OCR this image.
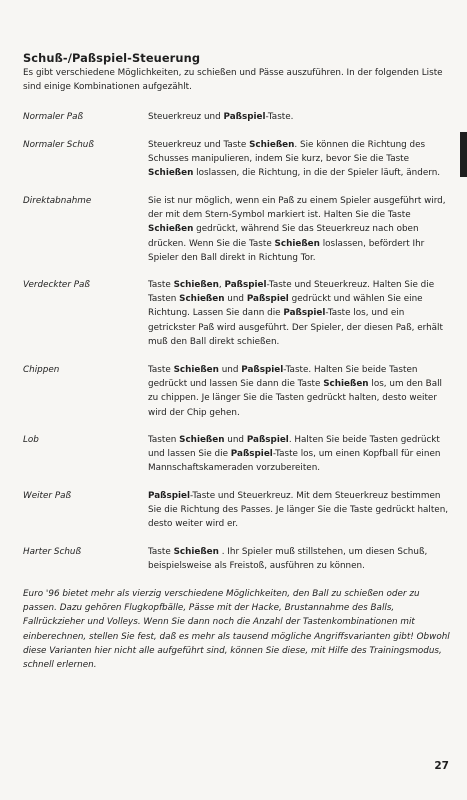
Schuß-/Paßspiel-Steuerung
Es gibt verschiedene Möglichkeiten, zu schießen und Pässe auszuführen. In der folgenden Liste sind einige Kombinationen aufgezählt.
Normaler Paß	Steuerkreuz und Paßspiel-Taste.
Normaler Schuß	Steuerkreuz und Taste Schießen. Sie können die Richtung des Schusses manipulieren, indem Sie kurz, bevor Sie die Taste Schießen loslassen, die Richtung, in die der Spieler läuft, ändern.
Direktabnahme	Sie ist nur möglich, wenn ein Paß zu einem Spieler ausgeführt wird, der mit dem Stern-Symbol markiert ist. Halten Sie die Taste Schießen gedrückt, während Sie das Steuerkreuz nach oben drücken. Wenn Sie die Taste Schießen loslassen, befördert Ihr Spieler den Ball direkt in Richtung Tor.
Verdeckter Paß	Taste Schießen, Paßspiel-Taste und Steuerkreuz. Halten Sie die Tasten Schießen und Paßspiel gedrückt und wählen Sie eine Richtung. Lassen Sie dann die Paßspiel-Taste los, und ein getrickster Paß wird ausgeführt. Der Spieler, der diesen Paß, erhält muß den Ball direkt schießen.
Chippen	Taste Schießen und Paßspiel-Taste. Halten Sie beide Tasten gedrückt und lassen Sie dann die Taste Schießen los, um den Ball zu chippen. Je länger Sie die Tasten gedrückt halten, desto weiter wird der Chip gehen.
Lob	Tasten Schießen und Paßspiel. Halten Sie beide Tasten gedrückt und lassen Sie die Paßspiel-Taste los, um einen Kopfball für einen Mannschaftskameraden vorzubereiten.
Weiter Paß	Paßspiel-Taste und Steuerkreuz. Mit dem Steuerkreuz bestimmen Sie die Richtung des Passes. Je länger Sie die Taste gedrückt halten, desto weiter wird er.
Harter Schuß	Taste Schießen . Ihr Spieler muß stillstehen, um diesen Schuß, beispielsweise als Freistoß, ausführen zu können.
Euro '96 bietet mehr als vierzig verschiedene Möglichkeiten, den Ball zu schießen oder zu passen. Dazu gehören Flugkopfbälle, Pässe mit der Hacke, Brustannahme des Balls, Fallrückzieher und Volleys. Wenn Sie dann noch die Anzahl der Tastenkombinationen mit einberechnen, stellen Sie fest, daß es mehr als tausend mögliche Angriffsvarianten gibt! Obwohl diese Varianten hier nicht alle aufgeführt sind, können Sie diese, mit Hilfe des Trainingsmodus, schnell erlernen.
27
